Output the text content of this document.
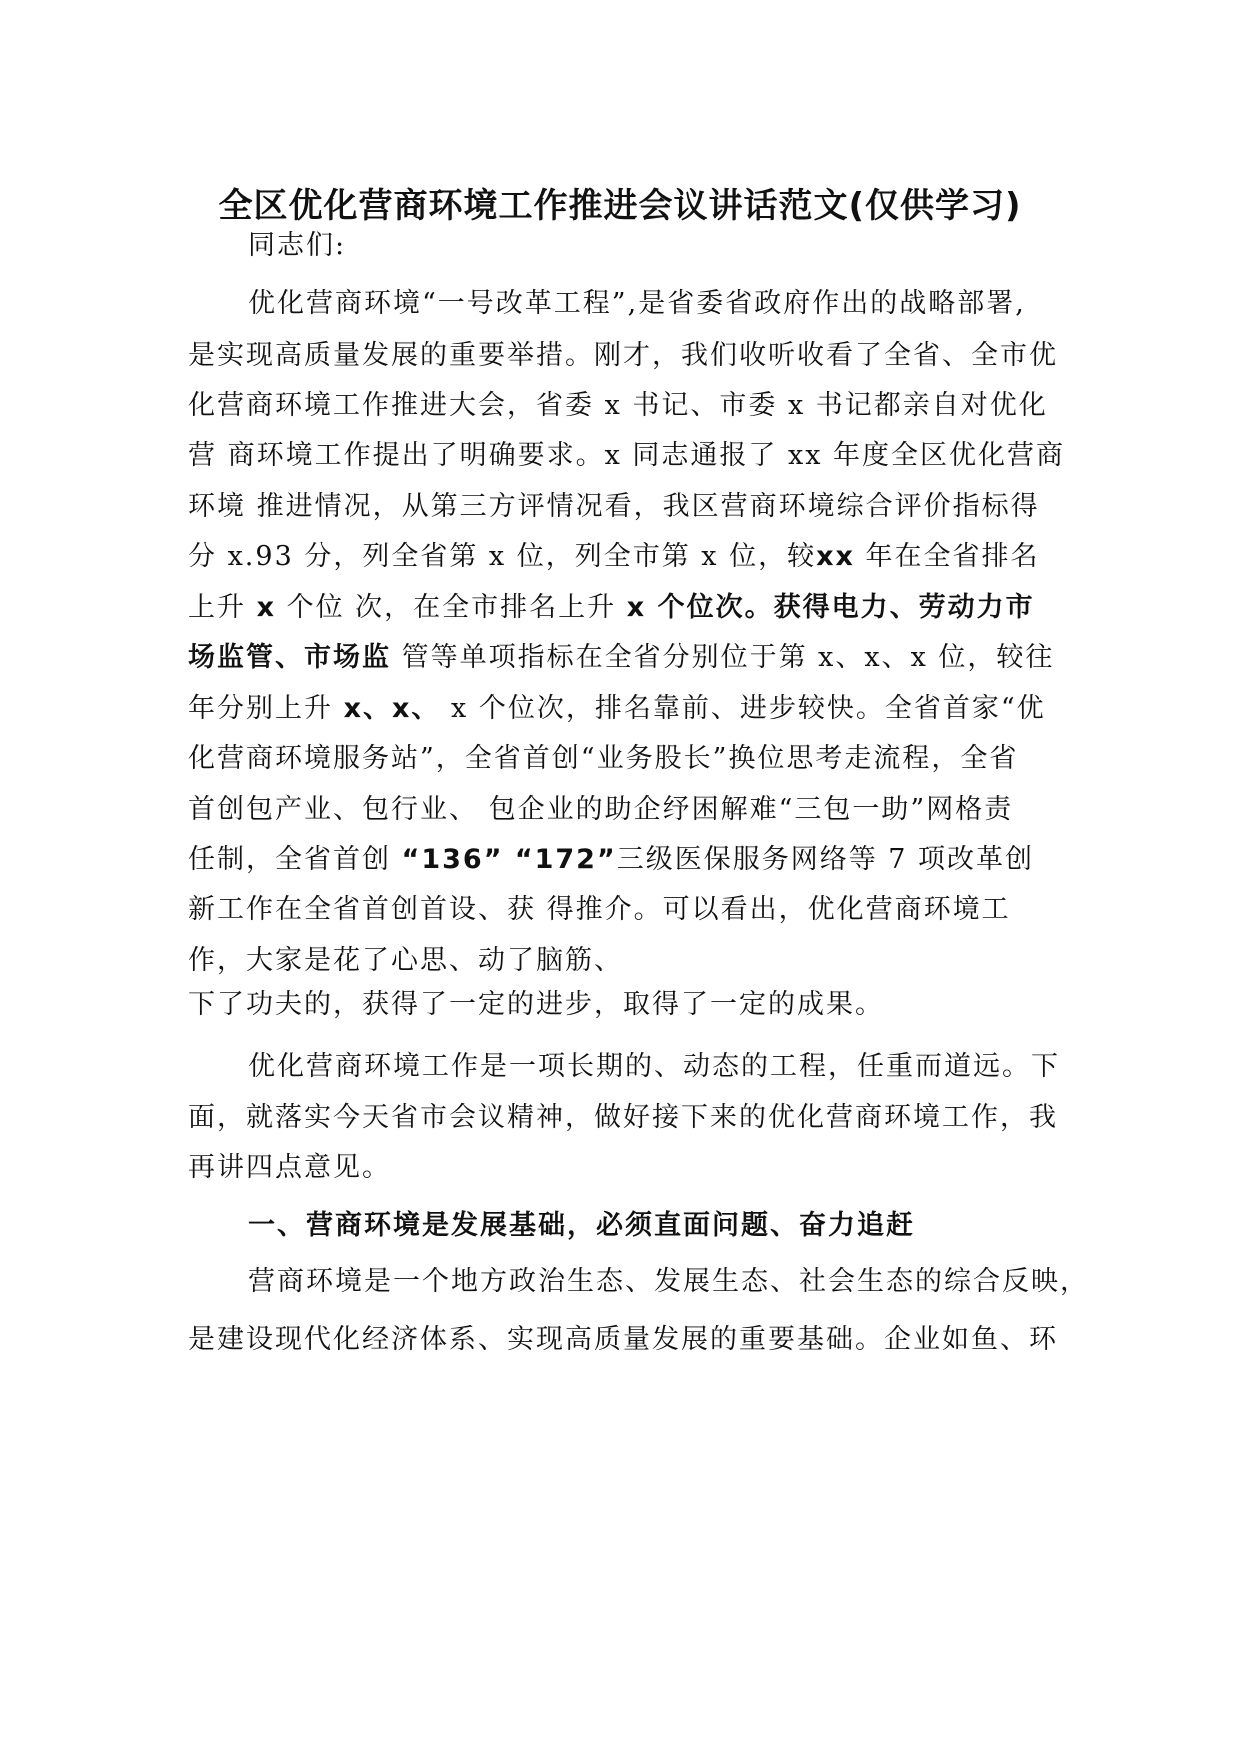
全区优化营商环境工作推进会议讲话范文(仅供学习)
同志们:
优化营商环境“一号改革工程”,是省委省政府作出的战略部署,
是实现高质量发展的重要举措。刚才，我们收听收看了全省、全市优
化营商环境工作推进大会，省委 x 书记、市委 x 书记都亲自对优化
营 商环境工作提出了明确要求。x 同志通报了 xx 年度全区优化营商
环境 推进情况，从第三方评情况看，我区营商环境综合评价指标得
分 x.93 分，列全省第 x 位，列全市第 x 位，较xx 年在全省排名
上升 x 个位 次，在全市排名上升 x 个位次。获得电力、劳动力市
场监管、市场监 管等单项指标在全省分别位于第 x、x、x 位，较往
年分别上升 x、x、 x 个位次，排名靠前、进步较快。全省首家“优
化营商环境服务站”，全省首创“业务股长”换位思考走流程，全省
首创包产业、包行业、 包企业的助企纾困解难“三包一助”网格责
任制，全省首创 “136” “172”三级医保服务网络等 7 项改革创
新工作在全省首创首设、获 得推介。可以看出，优化营商环境工
作，大家是花了心思、动了脑筋、
下了功夫的，获得了一定的进步，取得了一定的成果。
优化营商环境工作是一项长期的、动态的工程，任重而道远。下
面，就落实今天省市会议精神，做好接下来的优化营商环境工作，我
再讲四点意见。
一、营商环境是发展基础，必须直面问题、奋力追赶
营商环境是一个地方政治生态、发展生态、社会生态的综合反映，
是建设现代化经济体系、实现高质量发展的重要基础。企业如鱼、环
